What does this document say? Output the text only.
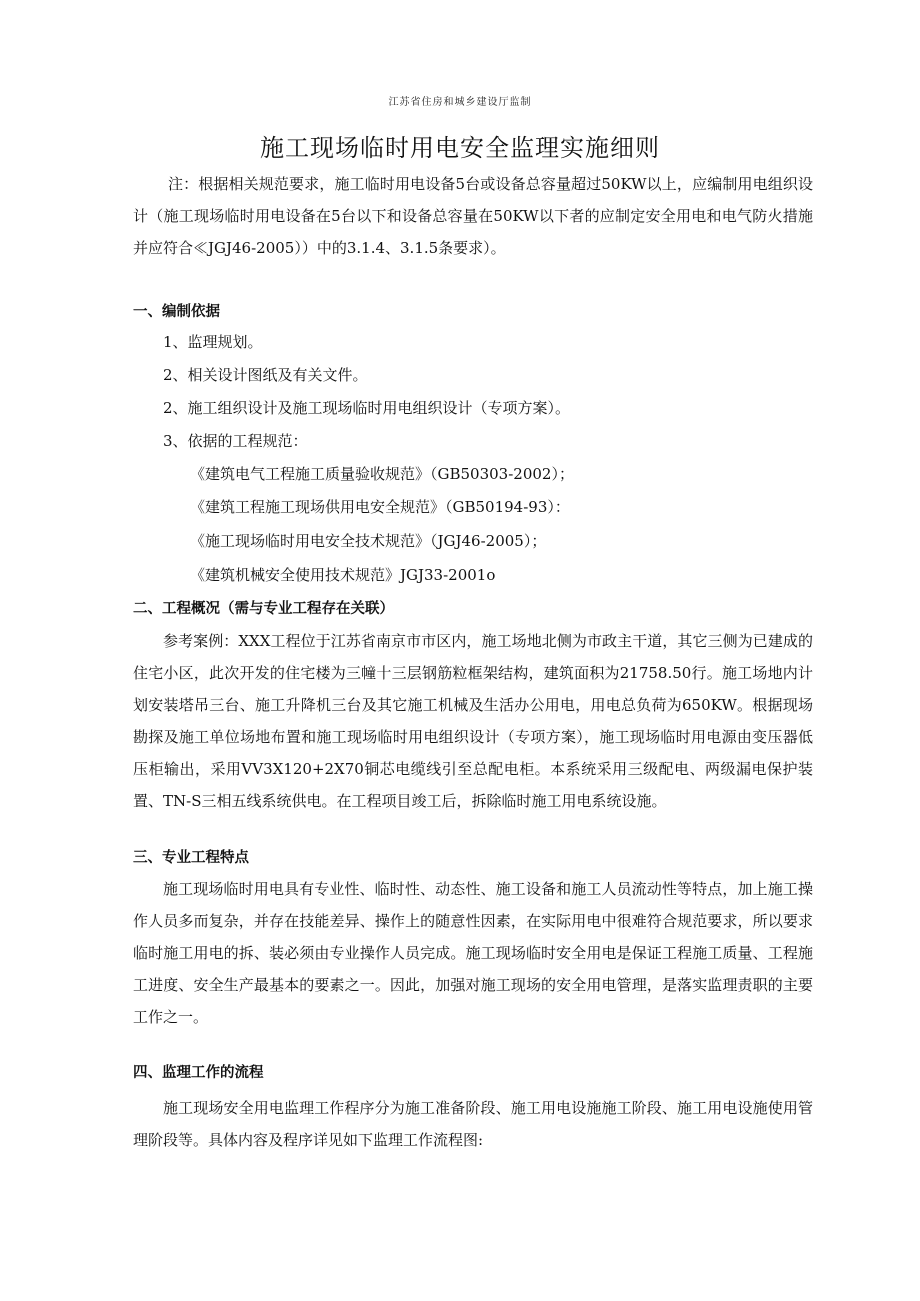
江苏省住房和城乡建设厅监制
施工现场临时用电安全监理实施细则

注：根据相关规范要求，施工临时用电设备5台或设备总容量超过50KW以上，应编制用电组织设计（施工现场临时用电设备在5台以下和设备总容量在50KW以下者的应制定安全用电和电气防火措施并应符合≪JGJ46-2005））中的3.1.4、3.1.5条要求）。

一、编制依据

1、监理规划。

2、相关设计图纸及有关文件。

2、施工组织设计及施工现场临时用电组织设计（专项方案）。

3、依据的工程规范：

《建筑电气工程施工质量验收规范》（GB50303-2002）；

《建筑工程施工现场供用电安全规范》（GB50194-93）：

《施工现场临时用电安全技术规范》（JGJ46-2005）；

《建筑机械安全使用技术规范》JGJ33-2001o

二、工程概况（需与专业工程存在关联）

参考案例：XXX工程位于江苏省南京市市区内，施工场地北侧为市政主干道，其它三侧为已建成的住宅小区，此次开发的住宅楼为三幢十三层钢筋粒框架结构，建筑面积为21758.50行。施工场地内计划安装塔吊三台、施工升降机三台及其它施工机械及生活办公用电，用电总负荷为650KW。根据现场勘探及施工单位场地布置和施工现场临时用电组织设计（专项方案），施工现场临时用电源由变压器低压柜输出，采用VV3X120+2X70铜芯电缆线引至总配电柜。本系统采用三级配电、两级漏电保护装置、TN-S三相五线系统供电。在工程项目竣工后，拆除临时施工用电系统设施。

三、专业工程特点

施工现场临时用电具有专业性、临时性、动态性、施工设备和施工人员流动性等特点，加上施工操作人员多而复杂，并存在技能差异、操作上的随意性因素，在实际用电中很难符合规范要求，所以要求临时施工用电的拆、装必须由专业操作人员完成。施工现场临时安全用电是保证工程施工质量、工程施工进度、安全生产最基本的要素之一。因此，加强对施工现场的安全用电管理，是落实监理责职的主要工作之一。

四、监理工作的流程

施工现场安全用电监理工作程序分为施工准备阶段、施工用电设施施工阶段、施工用电设施使用管理阶段等。具体内容及程序详见如下监理工作流程图:
